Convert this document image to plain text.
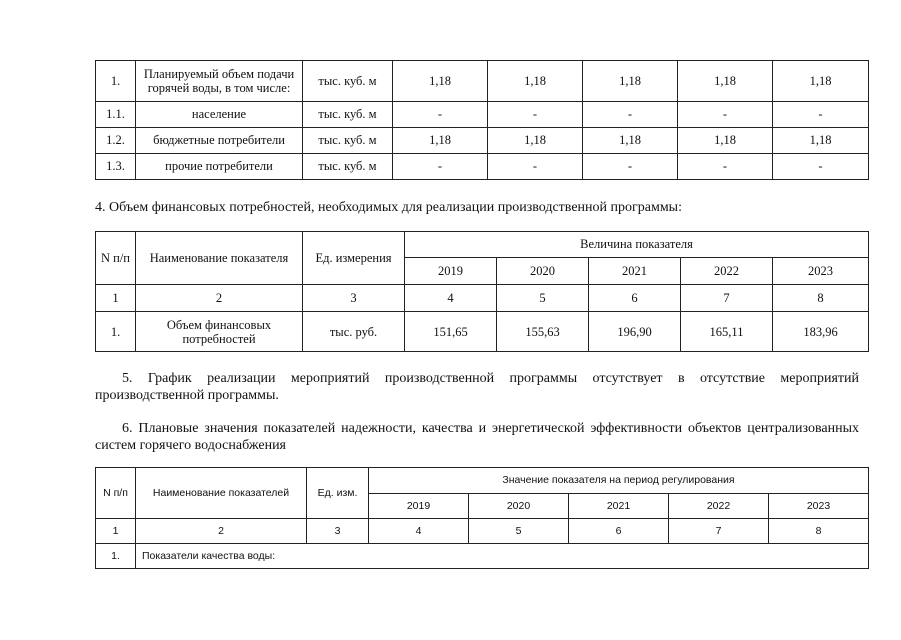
1.	Планируемый объем подачи горячей воды, в том числе:	тыс. куб. м	1,18	1,18	1,18	1,18	1,18
1.1.	население	тыс. куб. м	-	-	-	-	-
1.2.	бюджетные потребители	тыс. куб. м	1,18	1,18	1,18	1,18	1,18
1.3.	прочие потребители	тыс. куб. м	-	-	-	-	-
4. Объем финансовых потребностей, необходимых для реализации производственной программы:
N п/п	Наименование показателя	Ед. измерения	Величина показателя				
			2019	2020	2021	2022	2023
1	2	3	4	5	6	7	8
1.	Объем финансовых потребностей	тыс. руб.	151,65	155,63	196,90	165,11	183,96
5. График реализации мероприятий производственной программы отсутствует в отсутствие мероприятий производственной программы.
6. Плановые значения показателей надежности, качества и энергетической эффективности объектов централизованных систем горячего водоснабжения
N п/п	Наименование показателей	Ед. изм.	Значение показателя на период регулирования				
			2019	2020	2021	2022	2023
1	2	3	4	5	6	7	8
1.	Показатели качества воды:						
